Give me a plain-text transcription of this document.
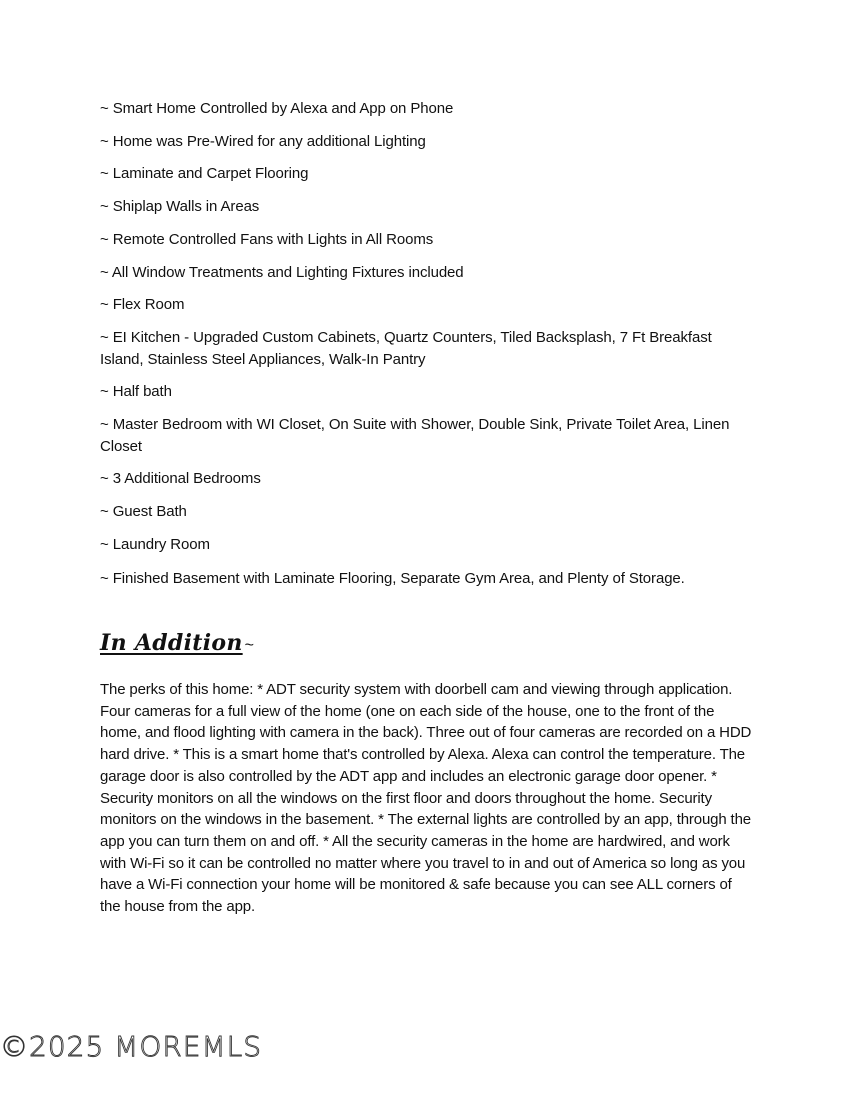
~ Smart Home Controlled by Alexa and App on Phone
~ Home was Pre-Wired for any additional Lighting
~ Laminate and Carpet Flooring
~ Shiplap Walls in Areas
~ Remote Controlled Fans with Lights in All Rooms
~ All Window Treatments and Lighting Fixtures included
~ Flex Room
~ EI Kitchen - Upgraded Custom Cabinets, Quartz Counters, Tiled Backsplash, 7 Ft Breakfast Island, Stainless Steel Appliances, Walk-In Pantry
~ Half bath
~ Master Bedroom with WI Closet, On Suite with Shower, Double Sink, Private Toilet Area, Linen Closet
~ 3 Additional Bedrooms
~ Guest Bath
~ Laundry Room
~ Finished Basement with Laminate Flooring, Separate Gym Area, and Plenty of Storage.
In Addition ~

The perks of this home: * ADT security system with doorbell cam and viewing through application. Four cameras for a full view of the home (one on each side of the house, one to the front of the home, and flood lighting with camera in the back). Three out of four cameras are recorded on a HDD hard drive. * This is a smart home that's controlled by Alexa. Alexa can control the temperature. The garage door is also controlled by the ADT app and includes an electronic garage door opener. * Security monitors on all the windows on the first floor and doors throughout the home. Security monitors on the windows in the basement. * The external lights are controlled by an app, through the app you can turn them on and off. * All the security cameras in the home are hardwired, and work with Wi-Fi so it can be controlled no matter where you travel to in and out of America so long as you have a Wi-Fi connection your home will be monitored & safe because you can see ALL corners of the house from the app.

©2025 MOREMLS
